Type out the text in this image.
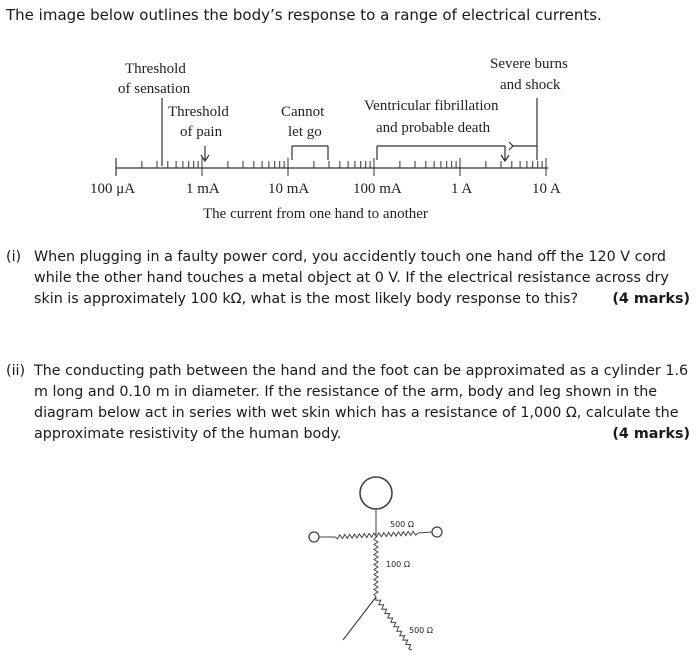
The image below outlines the body’s response to a range of electrical currents.

Threshold
of sensation
Threshold
of pain
Cannot
let go
Ventricular fibrillation
and probable death
Severe burns
and shock
100 μA	1 mA	10 mA	100 mA	1 A	10 A
The current from one hand to another
(i) When plugging in a faulty power cord, you accidently touch one hand off the 120 V cord while the other hand touches a metal object at 0 V. If the electrical resistance across dry skin is approximately 100 kΩ, what is the most likely body response to this? (4 marks)
(ii) The conducting path between the hand and the foot can be approximated as a cylinder 1.6 m long and 0.10 m in diameter. If the resistance of the arm, body and leg shown in the diagram below act in series with wet skin which has a resistance of 1,000 Ω, calculate the approximate resistivity of the human body.	(4 marks)
500 Ω
100 Ω
500 Ω
